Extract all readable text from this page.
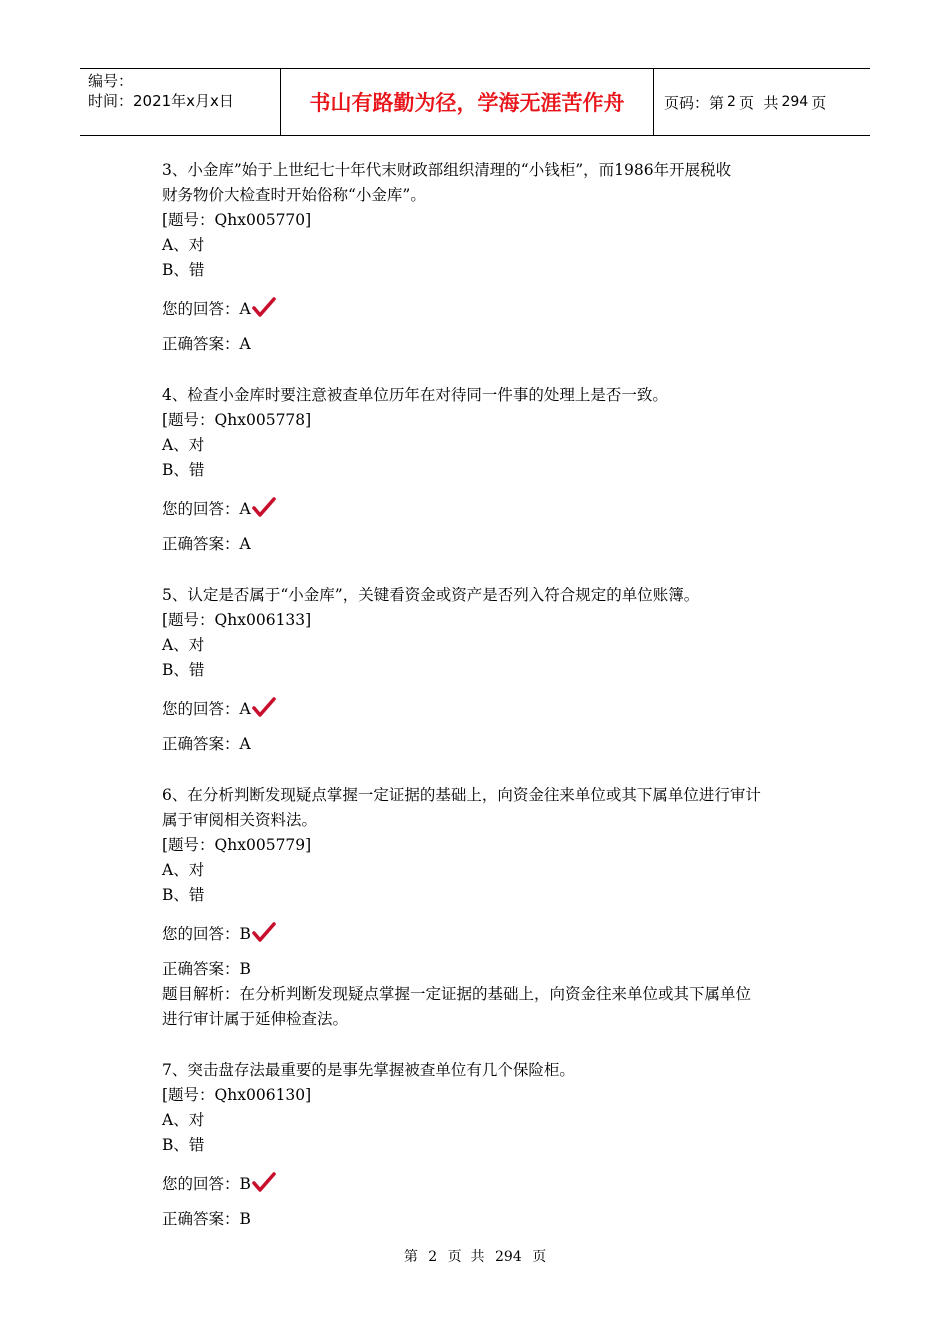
编号：
时间：2021年x月x日	书山有路勤为径，学海无涯苦作舟	页码：第 2 页  共 294 页

3、小金库”始于上世纪七十年代末财政部组织清理的“小钱柜”，而1986年开展税收

财务物价大检查时开始俗称“小金库”。

[题号：Qhx005770]

A、对

B、错

您的回答：A

正确答案：A

4、检查小金库时要注意被查单位历年在对待同一件事的处理上是否一致。

[题号：Qhx005778]

A、对

B、错

您的回答：A

正确答案：A

5、认定是否属于“小金库”，关键看资金或资产是否列入符合规定的单位账簿。

[题号：Qhx006133]

A、对

B、错

您的回答：A

正确答案：A

6、在分析判断发现疑点掌握一定证据的基础上，向资金往来单位或其下属单位进行审计

属于审阅相关资料法。

[题号：Qhx005779]

A、对

B、错

您的回答：B

正确答案：B

题目解析：在分析判断发现疑点掌握一定证据的基础上，向资金往来单位或其下属单位

进行审计属于延伸检查法。

7、突击盘存法最重要的是事先掌握被查单位有几个保险柜。

[题号：Qhx006130]

A、对

B、错

您的回答：B

正确答案：B

第 2 页  共 294 页
